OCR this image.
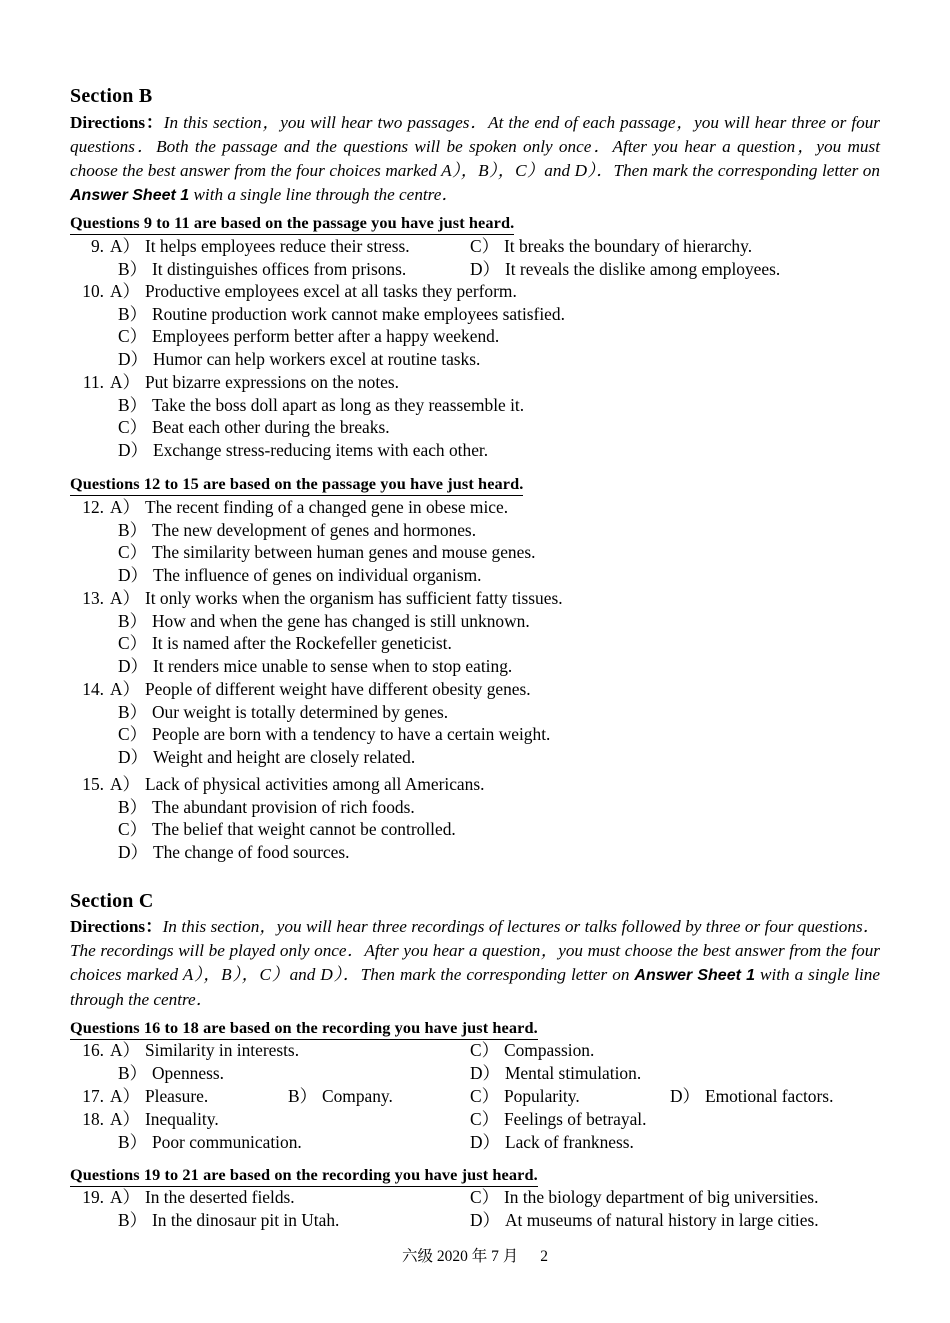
Section B

Directions：In this section，you will hear two passages．At the end of each passage，you will hear three or four questions．Both the passage and the questions will be spoken only once．After you hear a question，you must choose the best answer from the four choices marked A），B），C）and D）．Then mark the corresponding letter on Answer Sheet 1 with a single line through the centre．

Questions 9 to 11 are based on the passage you have just heard.
9. A） It helps employees reduce their stress.	C） It breaks the boundary of hierarchy.
B） It distinguishes offices from prisons.	D） It reveals the dislike among employees.
10. A） Productive employees excel at all tasks they perform.
B） Routine production work cannot make employees satisfied.
C） Employees perform better after a happy weekend.
D） Humor can help workers excel at routine tasks.
11. A） Put bizarre expressions on the notes.
B） Take the boss doll apart as long as they reassemble it.
C） Beat each other during the breaks.
D） Exchange stress-reducing items with each other.
Questions 12 to 15 are based on the passage you have just heard.
12. A） The recent finding of a changed gene in obese mice.
B） The new development of genes and hormones.
C） The similarity between human genes and mouse genes.
D） The influence of genes on individual organism.
13. A） It only works when the organism has sufficient fatty tissues.
B） How and when the gene has changed is still unknown.
C） It is named after the Rockefeller geneticist.
D） It renders mice unable to sense when to stop eating.
14. A） People of different weight have different obesity genes.
B） Our weight is totally determined by genes.
C） People are born with a tendency to have a certain weight.
D） Weight and height are closely related.
15. A） Lack of physical activities among all Americans.
B） The abundant provision of rich foods.
C） The belief that weight cannot be controlled.
D） The change of food sources.
Section C

Directions：In this section，you will hear three recordings of lectures or talks followed by three or four questions．The recordings will be played only once．After you hear a question，you must choose the best answer from the four choices marked A），B），C）and D）．Then mark the corresponding letter on Answer Sheet 1 with a single line through the centre．

Questions 16 to 18 are based on the recording you have just heard.
16. A） Similarity in interests.	C） Compassion.
B） Openness.	D） Mental stimulation.
17. A） Pleasure.	B） Company.	C） Popularity.	D） Emotional factors.
18. A） Inequality.	C） Feelings of betrayal.
B） Poor communication.	D） Lack of frankness.
Questions 19 to 21 are based on the recording you have just heard.
19. A） In the deserted fields.	C） In the biology department of big universities.
B） In the dinosaur pit in Utah.	D） At museums of natural history in large cities.
六级 2020 年 7 月 2
